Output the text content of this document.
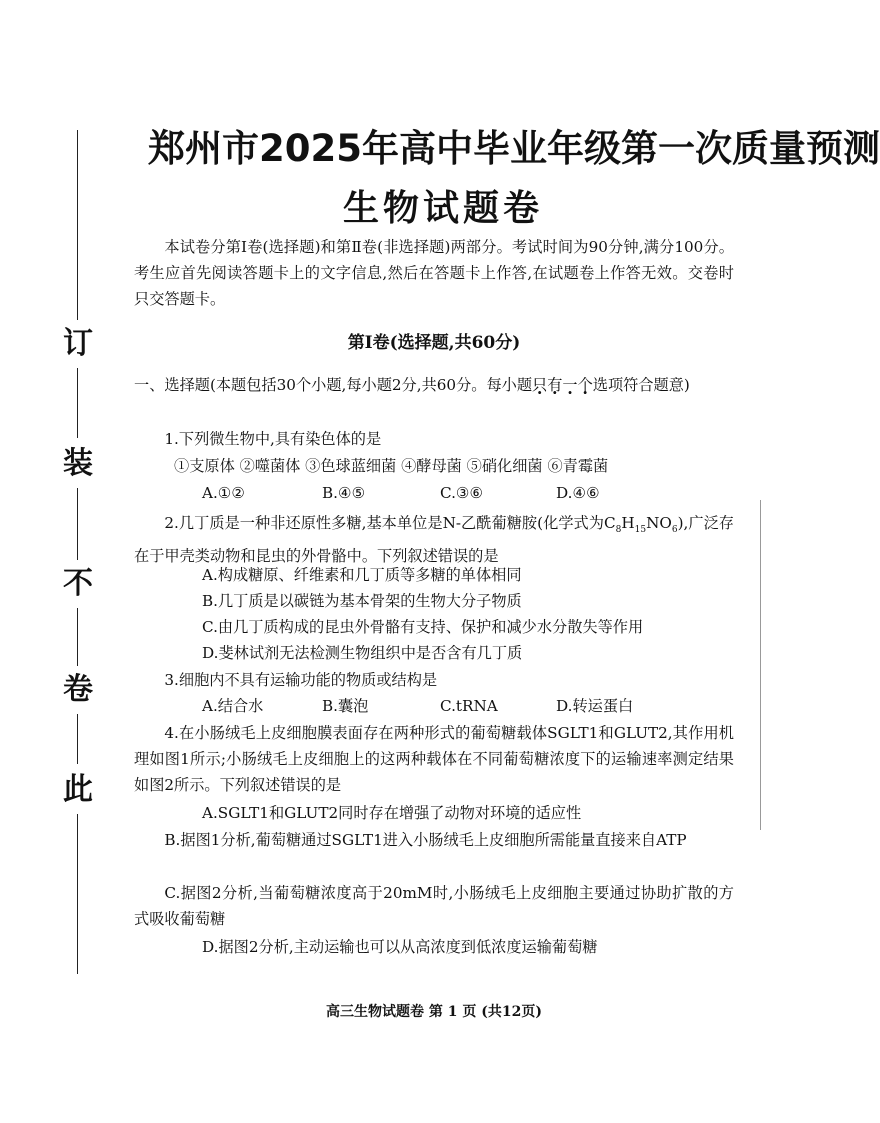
订
装
不
卷
此
郑州市2025年高中毕业年级第一次质量预测
生物试题卷
本试卷分第Ⅰ卷(选择题)和第Ⅱ卷(非选择题)两部分。考试时间为90分钟,满分100分。考生应首先阅读答题卡上的文字信息,然后在答题卡上作答,在试题卷上作答无效。交卷时只交答题卡。
第Ⅰ卷(选择题,共60分)
一、选择题(本题包括30个小题,每小题2分,共60分。每小题只有一个选项符合题意)
1.下列微生物中,具有染色体的是
①支原体 ②噬菌体 ③色球蓝细菌 ④酵母菌 ⑤硝化细菌 ⑥青霉菌
A.①②	B.④⑤	C.③⑥	D.④⑥
2.几丁质是一种非还原性多糖,基本单位是N-乙酰葡糖胺(化学式为$C_8H_{15}NO_6$),广泛存在于甲壳类动物和昆虫的外骨骼中。下列叙述错误的是
A.构成糖原、纤维素和几丁质等多糖的单体相同
B.几丁质是以碳链为基本骨架的生物大分子物质
C.由几丁质构成的昆虫外骨骼有支持、保护和减少水分散失等作用
D.斐林试剂无法检测生物组织中是否含有几丁质
3.细胞内不具有运输功能的物质或结构是
A.结合水	B.囊泡	C.tRNA	D.转运蛋白
4.在小肠绒毛上皮细胞膜表面存在两种形式的葡萄糖载体SGLT1和GLUT2,其作用机理如图1所示;小肠绒毛上皮细胞上的这两种载体在不同葡萄糖浓度下的运输速率测定结果如图2所示。下列叙述错误的是
A.SGLT1和GLUT2同时存在增强了动物对环境的适应性
B.据图1分析,葡萄糖通过SGLT1进入小肠绒毛上皮细胞所需能量直接来自ATP
C.据图2分析,当葡萄糖浓度高于20mM时,小肠绒毛上皮细胞主要通过协助扩散的方式吸收葡萄糖
D.据图2分析,主动运输也可以从高浓度到低浓度运输葡萄糖
高三生物试题卷 第 1 页 (共12页)
